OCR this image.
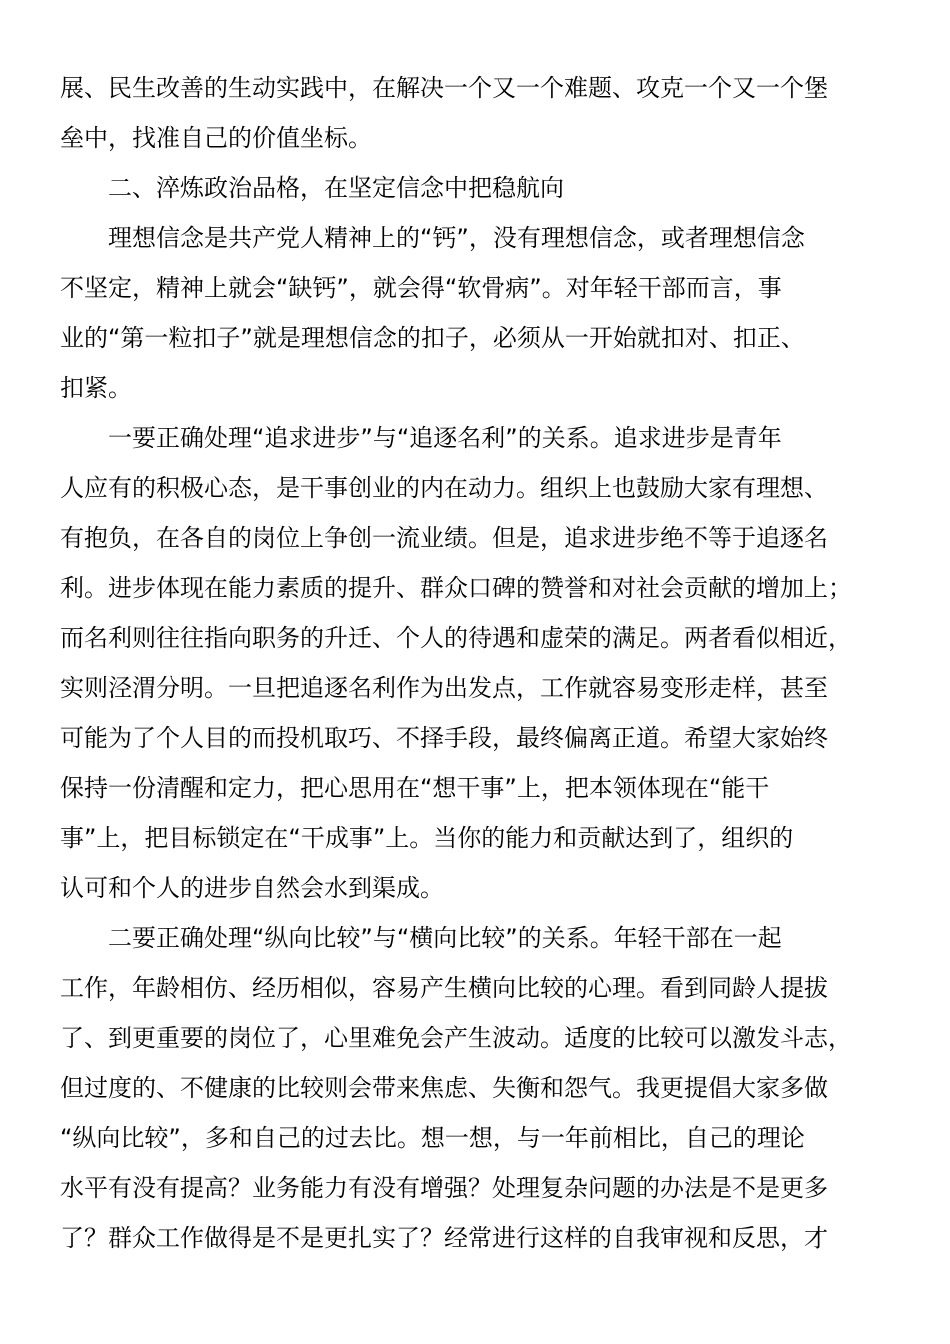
展、民生改善的生动实践中，在解决一个又一个难题、攻克一个又一个堡
垒中，找准自己的价值坐标。
二、淬炼政治品格，在坚定信念中把稳航向
理想信念是共产党人精神上的“钙”，没有理想信念，或者理想信念
不坚定，精神上就会“缺钙”，就会得“软骨病”。对年轻干部而言，事
业的“第一粒扣子”就是理想信念的扣子，必须从一开始就扣对、扣正、
扣紧。
一要正确处理“追求进步”与“追逐名利”的关系。追求进步是青年
人应有的积极心态，是干事创业的内在动力。组织上也鼓励大家有理想、
有抱负，在各自的岗位上争创一流业绩。但是，追求进步绝不等于追逐名
利。进步体现在能力素质的提升、群众口碑的赞誉和对社会贡献的增加上；
而名利则往往指向职务的升迁、个人的待遇和虚荣的满足。两者看似相近，
实则泾渭分明。一旦把追逐名利作为出发点，工作就容易变形走样，甚至
可能为了个人目的而投机取巧、不择手段，最终偏离正道。希望大家始终
保持一份清醒和定力，把心思用在“想干事”上，把本领体现在“能干
事”上，把目标锁定在“干成事”上。当你的能力和贡献达到了，组织的
认可和个人的进步自然会水到渠成。
二要正确处理“纵向比较”与“横向比较”的关系。年轻干部在一起
工作，年龄相仿、经历相似，容易产生横向比较的心理。看到同龄人提拔
了、到更重要的岗位了，心里难免会产生波动。适度的比较可以激发斗志，
但过度的、不健康的比较则会带来焦虑、失衡和怨气。我更提倡大家多做
“纵向比较”，多和自己的过去比。想一想，与一年前相比，自己的理论
水平有没有提高？业务能力有没有增强？处理复杂问题的办法是不是更多
了？群众工作做得是不是更扎实了？经常进行这样的自我审视和反思，才
